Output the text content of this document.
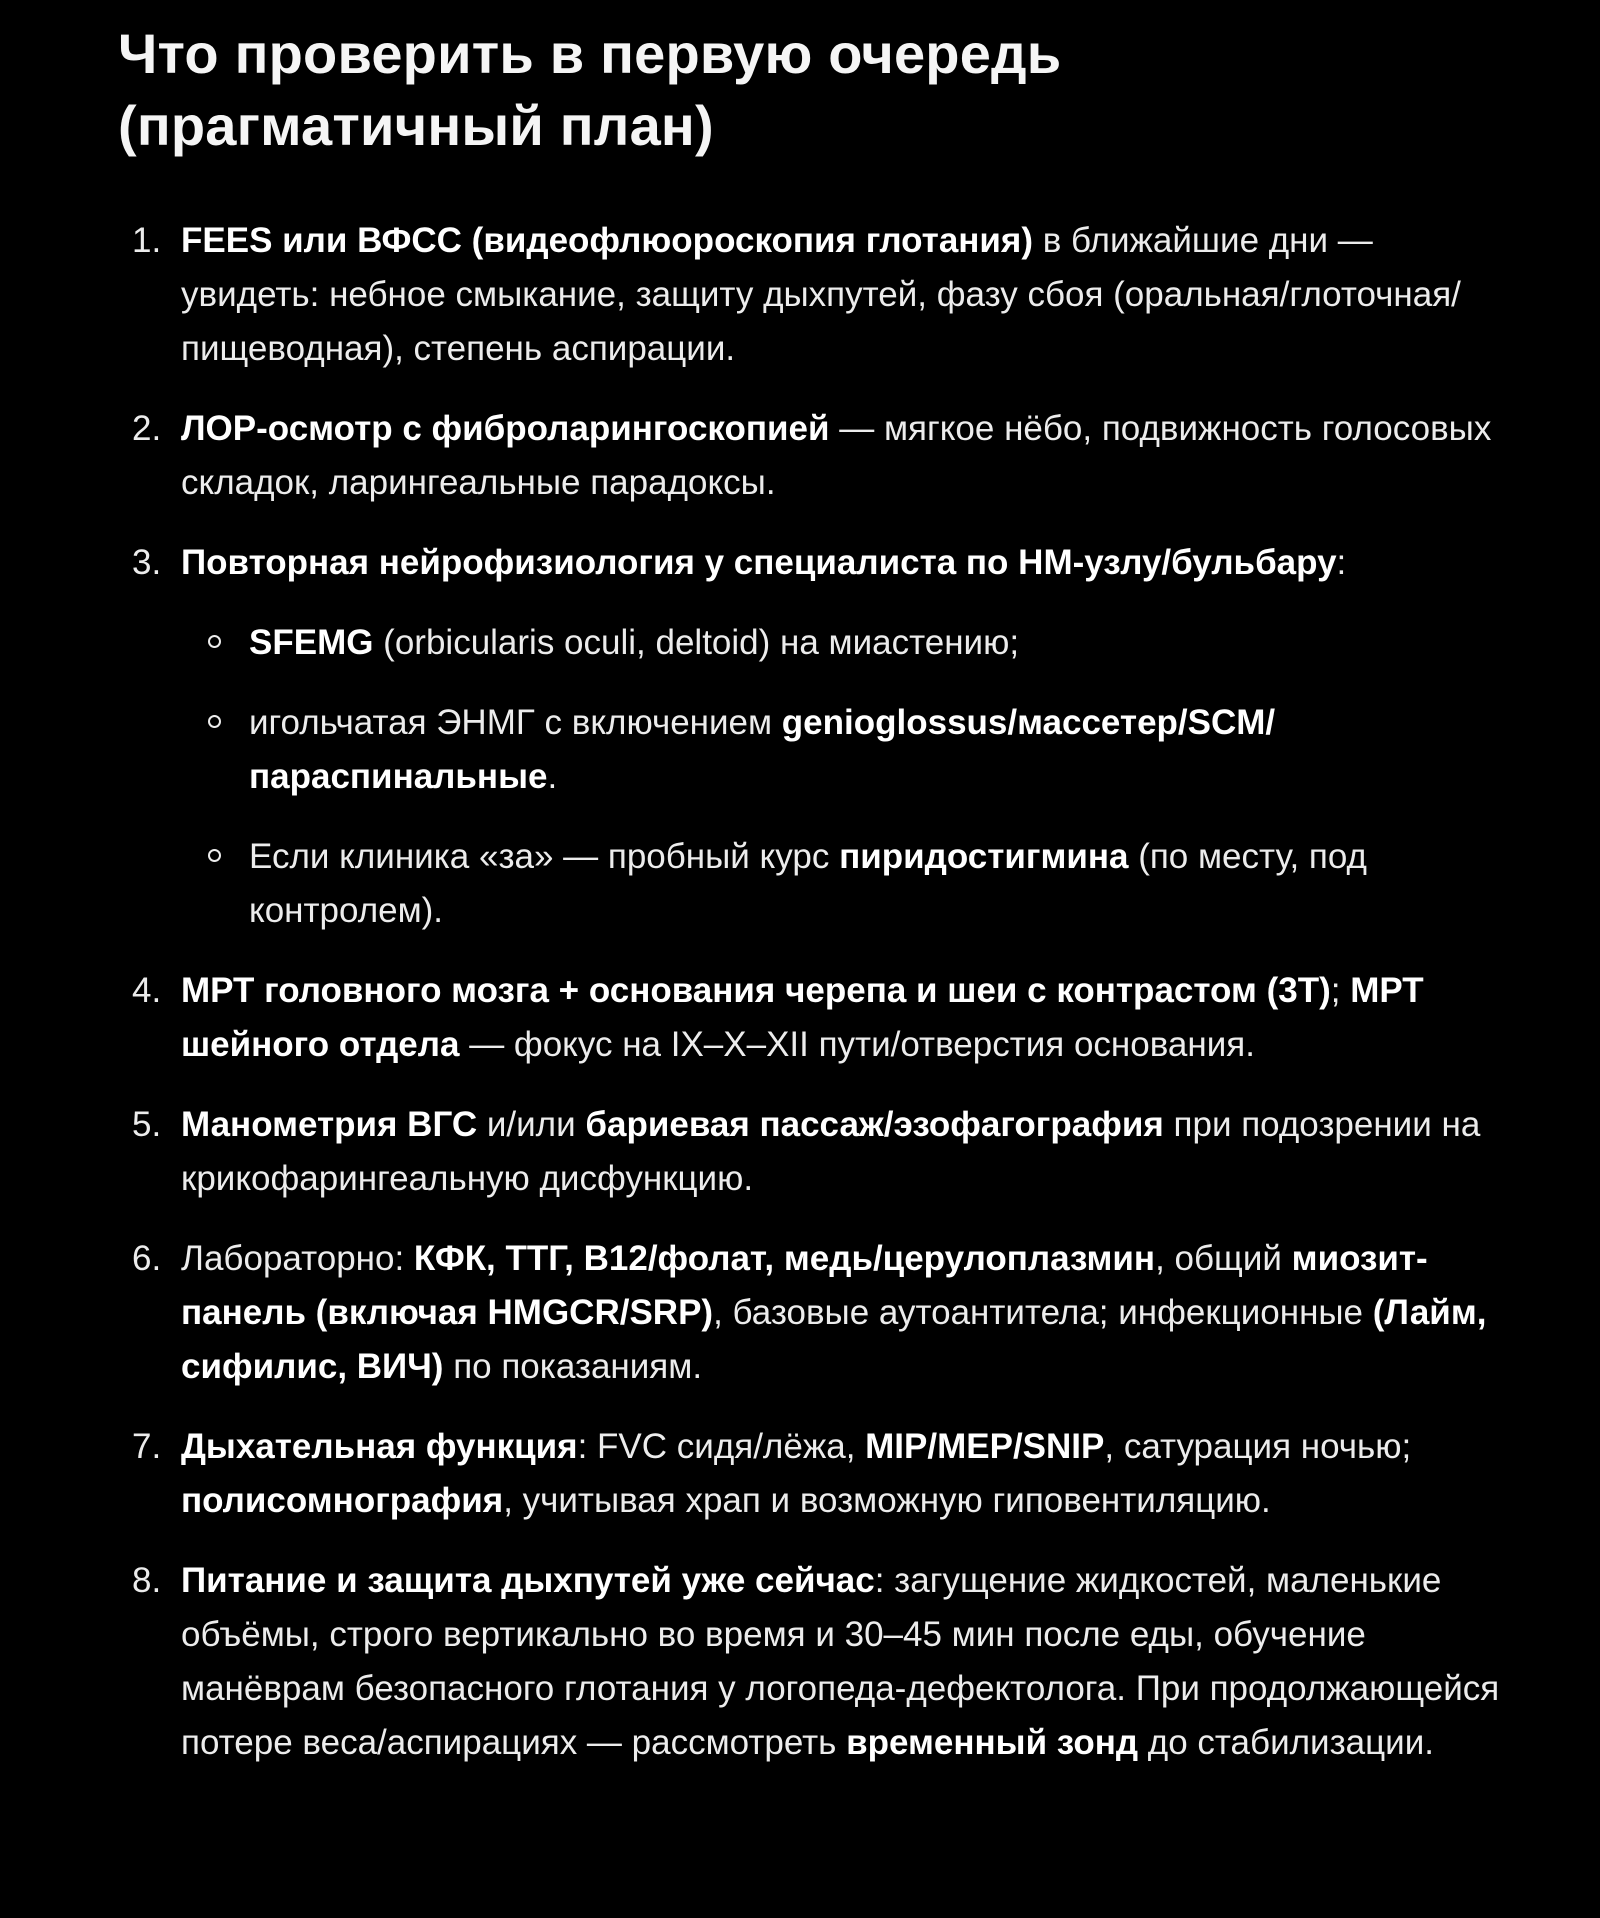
Что проверить в первую очередь (прагматичный план)
1. FEES или ВФСС (видеофлюороскопия глотания) в ближайшие дни — увидеть: небное смыкание, защиту дыхпутей, фазу сбоя (оральная/глоточная/пищеводная), степень аспирации.
2. ЛОР-осмотр с фиброларингоскопией — мягкое нёбо, подвижность голосовых складок, ларингеальные парадоксы.
3. Повторная нейрофизиология у специалиста по НМ-узлу/бульбару:
SFEMG (orbicularis oculi, deltoid) на миастению;
игольчатая ЭНМГ с включением genioglossus/массетер/SCM/параспинальные.
Если клиника «за» — пробный курс пиридостигмина (по месту, под контролем).
4. МРТ головного мозга + основания черепа и шеи с контрастом (3Т); МРТ шейного отдела — фокус на IX–X–XII пути/отверстия основания.
5. Манометрия ВГС и/или бариевая пассаж/эзофагография при подозрении на крикофарингеальную дисфункцию.
6. Лабораторно: КФК, ТТГ, B12/фолат, медь/церулоплазмин, общий миозит-панель (включая HMGCR/SRP), базовые аутоантитела; инфекционные (Лайм, сифилис, ВИЧ) по показаниям.
7. Дыхательная функция: FVC сидя/лёжа, MIP/MEP/SNIP, сатурация ночью; полисомнография, учитывая храп и возможную гиповентиляцию.
8. Питание и защита дыхпутей уже сейчас: загущение жидкостей, маленькие объёмы, строго вертикально во время и 30–45 мин после еды, обучение манёврам безопасного глотания у логопеда-дефектолога. При продолжающейся потере веса/аспирациях — рассмотреть временный зонд до стабилизации.
